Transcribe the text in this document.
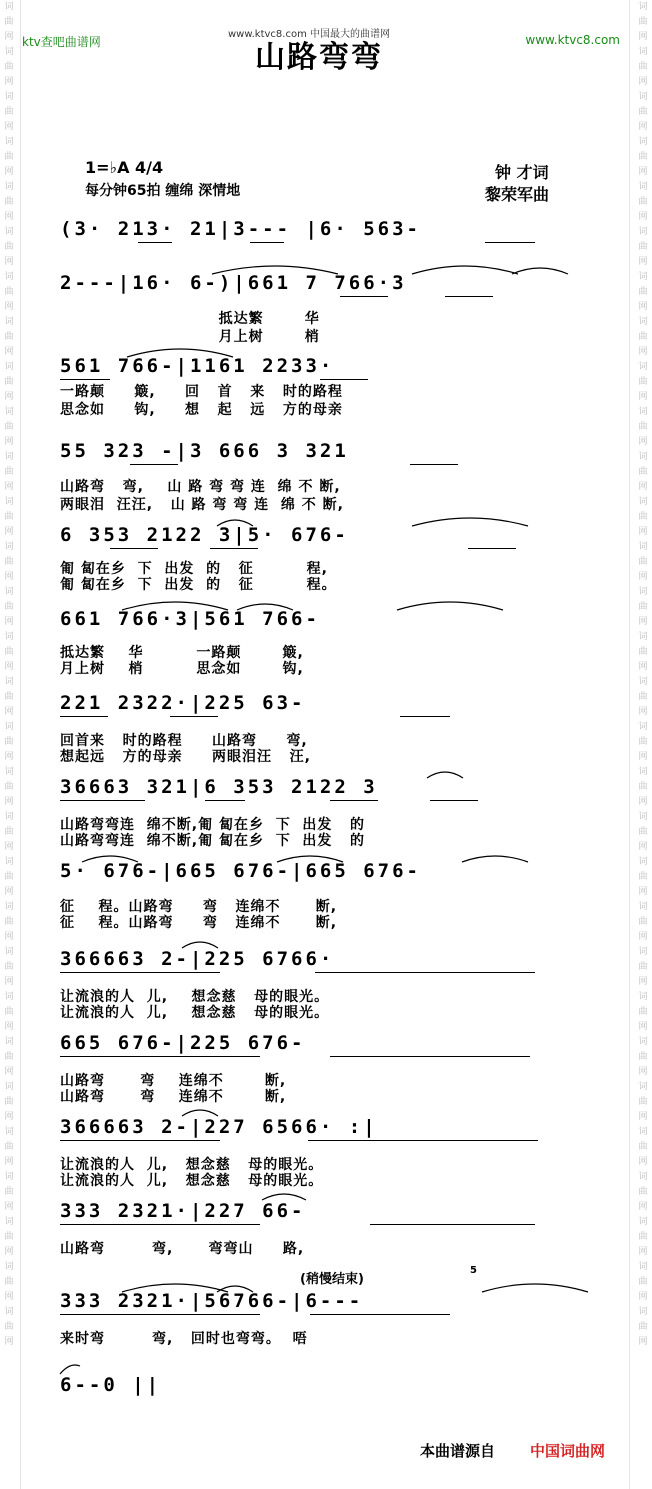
词曲网词曲网词曲网词曲网词曲网词曲网词曲网词曲网词曲网词曲网词曲网词曲网词曲网词曲网词曲网词曲网词曲网词曲网词曲网词曲网词曲网词曲网词曲网词曲网词曲网词曲网词曲网词曲网词曲网词曲网
词曲网词曲网词曲网词曲网词曲网词曲网词曲网词曲网词曲网词曲网词曲网词曲网词曲网词曲网词曲网词曲网词曲网词曲网词曲网词曲网词曲网词曲网词曲网词曲网词曲网词曲网词曲网词曲网词曲网词曲网
ktv查吧曲谱网
www.ktvc8.com 中国最大的曲谱网	www.ktvc8.com
山路弯弯
1=♭A 4/4
每分钟65拍 缠绵 深情地
钟 才词
黎荣军曲
(3· 213· 21|3--- |6· 563-
2---|16· 6-)|661 7 766·3
抵达繁       华
月上树       梢
561 766-|1161 2233·
一路颠     簸,     回   首   来   时的路程
思念如     钩,     想   起   远   方的母亲
55 323 -|3 666 3 321
山路弯   弯,    山 路 弯 弯 连  绵 不 断,
两眼泪  汪汪,   山 路 弯 弯 连  绵 不 断,
6 353 2122 3|5· 676-
匍 匐在乡  下  出发  的   征         程,
匍 匐在乡  下  出发  的   征         程。
661 766·3|561 766-
抵达繁    华         一路颠       簸,
月上树    梢         思念如       钩,
221 2322·|225 63-
回首来   时的路程     山路弯     弯,
想起远   方的母亲     两眼泪汪   汪,
36663 321|6 353 2122 3
山路弯弯连  绵不断,匍 匐在乡  下  出发   的
山路弯弯连  绵不断,匍 匐在乡  下  出发   的
5· 676-|665 676-|665 676-
征    程。山路弯     弯   连绵不      断,
征    程。山路弯     弯   连绵不      断,
366663 2-|225 6766·
让流浪的人  儿,    想念慈   母的眼光。
让流浪的人  儿,    想念慈   母的眼光。
665 676-|225 676-
山路弯      弯    连绵不       断,
山路弯      弯    连绵不       断,
366663 2-|227 6566· :|
让流浪的人  儿,   想念慈   母的眼光。
让流浪的人  儿,   想念慈   母的眼光。
333 2321·|227 66-
山路弯        弯,      弯弯山     路,
(稍慢结束)
5
333 2321·|56766-|6---
来时弯        弯,   回时也弯弯。  唔
6--0 ||
本曲谱源自 中国词曲网
